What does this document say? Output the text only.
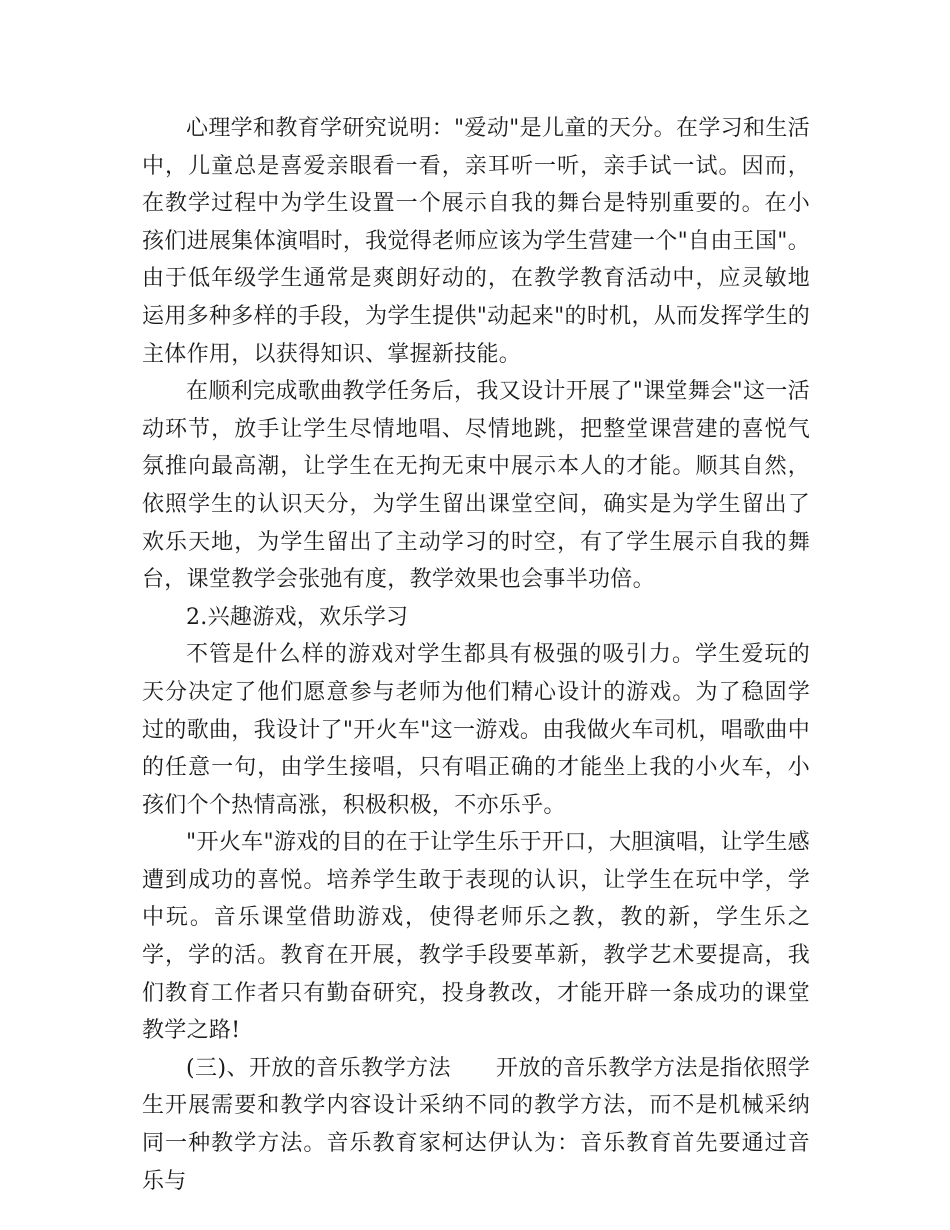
心理学和教育学研究说明："爱动"是儿童的天分。在学习和生活中，儿童总是喜爱亲眼看一看，亲耳听一听，亲手试一试。因而，在教学过程中为学生设置一个展示自我的舞台是特别重要的。在小孩们进展集体演唱时，我觉得老师应该为学生营建一个"自由王国"。由于低年级学生通常是爽朗好动的，在教学教育活动中，应灵敏地运用多种多样的手段，为学生提供"动起来"的时机，从而发挥学生的主体作用，以获得知识、掌握新技能。

在顺利完成歌曲教学任务后，我又设计开展了"课堂舞会"这一活动环节，放手让学生尽情地唱、尽情地跳，把整堂课营建的喜悦气氛推向最高潮，让学生在无拘无束中展示本人的才能。顺其自然，依照学生的认识天分，为学生留出课堂空间，确实是为学生留出了欢乐天地，为学生留出了主动学习的时空，有了学生展示自我的舞台，课堂教学会张弛有度，教学效果也会事半功倍。

2.兴趣游戏，欢乐学习

不管是什么样的游戏对学生都具有极强的吸引力。学生爱玩的天分决定了他们愿意参与老师为他们精心设计的游戏。为了稳固学过的歌曲，我设计了"开火车"这一游戏。由我做火车司机，唱歌曲中的任意一句，由学生接唱，只有唱正确的才能坐上我的小火车，小孩们个个热情高涨，积极积极，不亦乐乎。

"开火车"游戏的目的在于让学生乐于开口，大胆演唱，让学生感遭到成功的喜悦。培养学生敢于表现的认识，让学生在玩中学，学中玩。音乐课堂借助游戏，使得老师乐之教，教的新，学生乐之学，学的活。教育在开展，教学手段要革新，教学艺术要提高，我们教育工作者只有勤奋研究，投身教改，才能开辟一条成功的课堂教学之路!

(三)、开放的音乐教学方法　　开放的音乐教学方法是指依照学生开展需要和教学内容设计采纳不同的教学方法，而不是机械采纳同一种教学方法。音乐教育家柯达伊认为：音乐教育首先要通过音乐与
